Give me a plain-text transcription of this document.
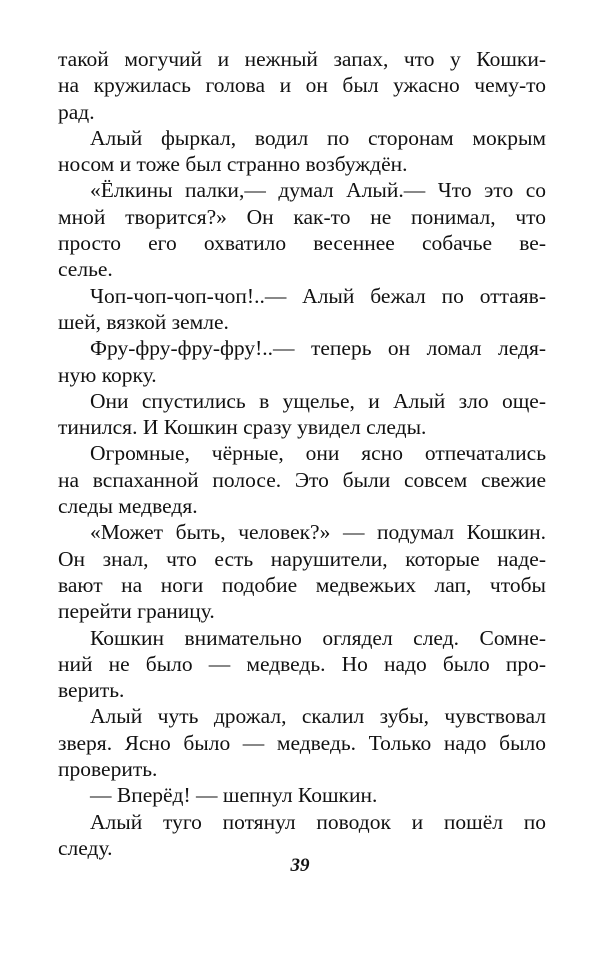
такой могучий и нежный запах, что у Кошки-
на кружилась голова и он был ужасно чему-то
рад.
Алый фыркал, водил по сторонам мокрым
носом и тоже был странно возбуждён.
«Ёлкины палки,— думал Алый.— Что это со
мной творится?» Он как-то не понимал, что
просто его охватило весеннее собачье ве-
селье.
Чоп-чоп-чоп-чоп!..— Алый бежал по оттаяв-
шей, вязкой земле.
Фру-фру-фру-фру!..— теперь он ломал ледя-
ную корку.
Они спустились в ущелье, и Алый зло още-
тинился. И Кошкин сразу увидел следы.
Огромные, чёрные, они ясно отпечатались
на вспаханной полосе. Это были совсем свежие
следы медведя.
«Может быть, человек?» — подумал Кошкин.
Он знал, что есть нарушители, которые наде-
вают на ноги подобие медвежьих лап, чтобы
перейти границу.
Кошкин внимательно оглядел след. Сомне-
ний не было — медведь. Но надо было про-
верить.
Алый чуть дрожал, скалил зубы, чувствовал
зверя. Ясно было — медведь. Только надо было
проверить.
— Вперёд! — шепнул Кошкин.
Алый туго потянул поводок и пошёл по
следу.
39
